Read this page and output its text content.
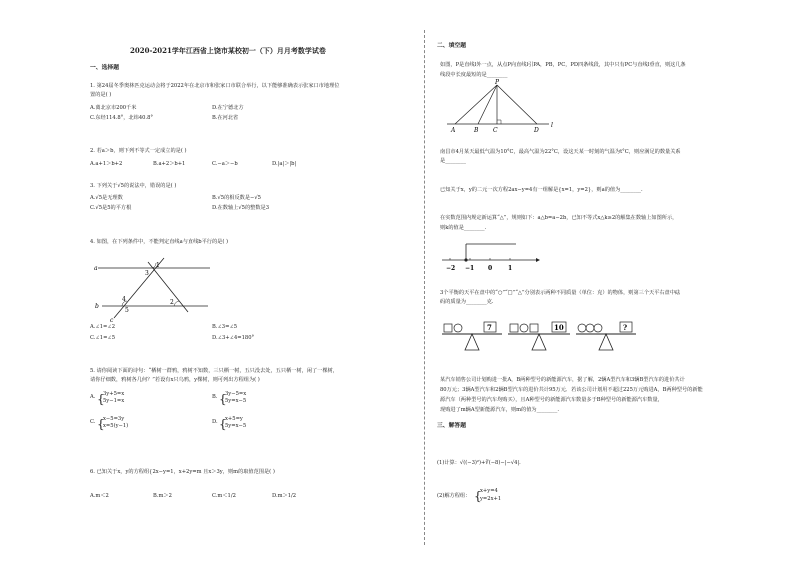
2020-2021学年江西省上饶市某校初一（下）月月考数学试卷
一、选择题
1. 第24届冬季奥林匹克运动会将于2022年在北京市和张家口市联合举行，以下能够准确表示张家口市地理位
置的是( )
A.离北京市200千米	D.在宁德北方
C.东经114.8°，北纬40.8°	B.在河北省
2. 若a＞b，则下列不等式一定成立的是( )
A.a+1＞b+2	B.a+2＞b+1	C.−a＞−b	D.|a|＞|b|
3. 下列关于√5的说法中，错误的是( )
A.√5是无理数	B.√5的相反数是−√5
C.√5是5的平方根	D.在数轴上√5的整数是3
4. 如图，在下列条件中，不能判定直线a与直线b平行的是( )
a
b
c
1
2
3
4
5
A.∠1=∠2	B.∠3=∠5
C.∠1=∠5	D.∠3+∠4=180°
5. 请你阅读下面的诗句：“栖树一群鸦，鸦树不知数，三只栖一树，五只没去处，五只栖一树，闲了一棵树，
请你仔细数，鸦树各几何？”若设有x只乌鸦，y棵树，则可列出方程组为( )
A. {
3y+5=x
5y−1=x
B. {
3y−5=x
5y=x−5
C. {
x−5=3y
x=5(y−1)
D. {
x+5=y
5y=x−5
6. 已知关于x，y的方程组{2x−y=1，x+2y=m 且x＞3y，则m的取值范围是( )
A.m＜2	B.m＞2	C.m＜1/2	D.m＞1/2
二、填空题
如图，P是直线l外一点，从点P向直线l引PA，PB，PC，PD四条线段，其中只有PC与直线l垂直，则这几条
线段中长度最短的是________
A	B C	D
P
l
南昌市4月某天最低气温为10°C，最高气温为22°C，设这天某一时刻的气温为t°C，则应满足的数量关系
是________
已知关于x，y的二元一次方程2ax−y=4有一组解是{x=1，y=2}，则a的值为________.
在实数范围内规定新运算“△”，规则如下：a△b=a−2b，已知不等式x△k≥2的解集在数轴上如图所示，
则k的值是________.
−2 −1 0	1
3个平衡的天平在盘中的“○”“□”“△”分别表示两种不同质量（单位：克）的物体，则第三个天平右盘中砝
码的质量为________克.
7	10	?
某汽车销售公司计划购进一批A，B两种型号的新能源汽车，据了解，2辆A型汽车和3辆B型汽车的进价共计
80万元；3辆A型汽车和2辆B型汽车的进价共计95万元．若该公司计划用不超过225万元购进A，B两种型号的新能
源汽车（两种型号的汽车均购买），且A种型号的新能源汽车数量多于B种型号的新能源汽车数量，
现购进了m辆A型新能源汽车，则m的值为________.
三、解答题
(1)计算：√((−3)²)+∛(−8)−|−√4|.
(2)解方程组： {
x+y=4
y=2x+1
